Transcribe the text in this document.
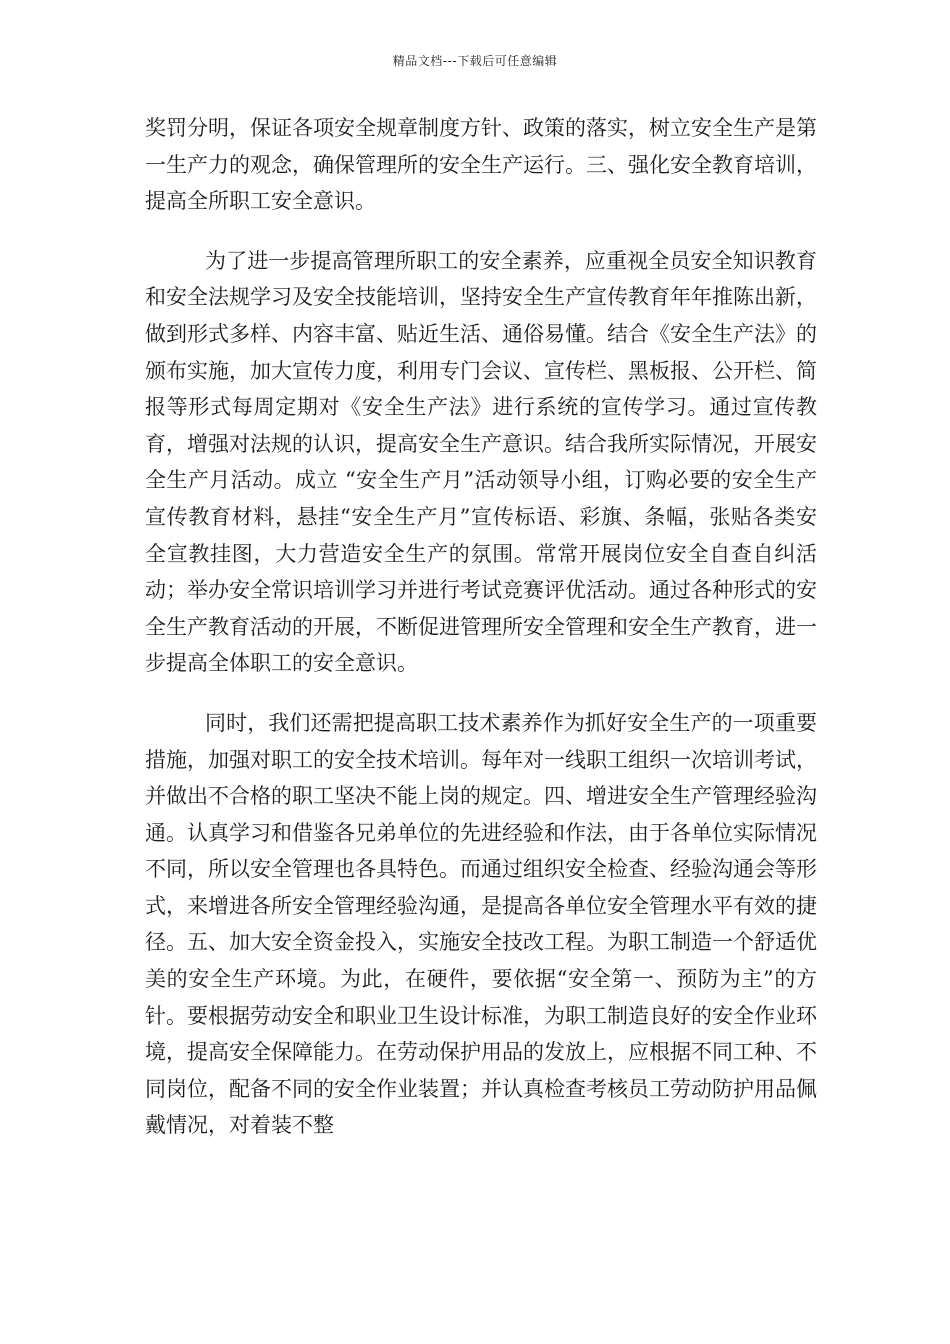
精品文档---下载后可任意编辑

奖罚分明，保证各项安全规章制度方针、政策的落实，树立安全生产是第一生产力的观念，确保管理所的安全生产运行。三、强化安全教育培训，提高全所职工安全意识。

为了进一步提高管理所职工的安全素养，应重视全员安全知识教育和安全法规学习及安全技能培训，坚持安全生产宣传教育年年推陈出新，做到形式多样、内容丰富、贴近生活、通俗易懂。结合《安全生产法》的颁布实施，加大宣传力度，利用专门会议、宣传栏、黑板报、公开栏、简报等形式每周定期对《安全生产法》进行系统的宣传学习。通过宣传教育，增强对法规的认识，提高安全生产意识。结合我所实际情况，开展安全生产月活动。成立 “安全生产月”活动领导小组，订购必要的安全生产宣传教育材料，悬挂“安全生产月”宣传标语、彩旗、条幅，张贴各类安全宣教挂图，大力营造安全生产的氛围。常常开展岗位安全自查自纠活动；举办安全常识培训学习并进行考试竞赛评优活动。通过各种形式的安全生产教育活动的开展，不断促进管理所安全管理和安全生产教育，进一步提高全体职工的安全意识。

同时，我们还需把提高职工技术素养作为抓好安全生产的一项重要措施，加强对职工的安全技术培训。每年对一线职工组织一次培训考试，并做出不合格的职工坚决不能上岗的规定。四、增进安全生产管理经验沟通。认真学习和借鉴各兄弟单位的先进经验和作法，由于各单位实际情况不同，所以安全管理也各具特色。而通过组织安全检查、经验沟通会等形式，来增进各所安全管理经验沟通，是提高各单位安全管理水平有效的捷径。五、加大安全资金投入，实施安全技改工程。为职工制造一个舒适优美的安全生产环境。为此，在硬件，要依据“安全第一、预防为主”的方针。要根据劳动安全和职业卫生设计标准，为职工制造良好的安全作业环境，提高安全保障能力。在劳动保护用品的发放上，应根据不同工种、不同岗位，配备不同的安全作业装置；并认真检查考核员工劳动防护用品佩戴情况，对着装不整
